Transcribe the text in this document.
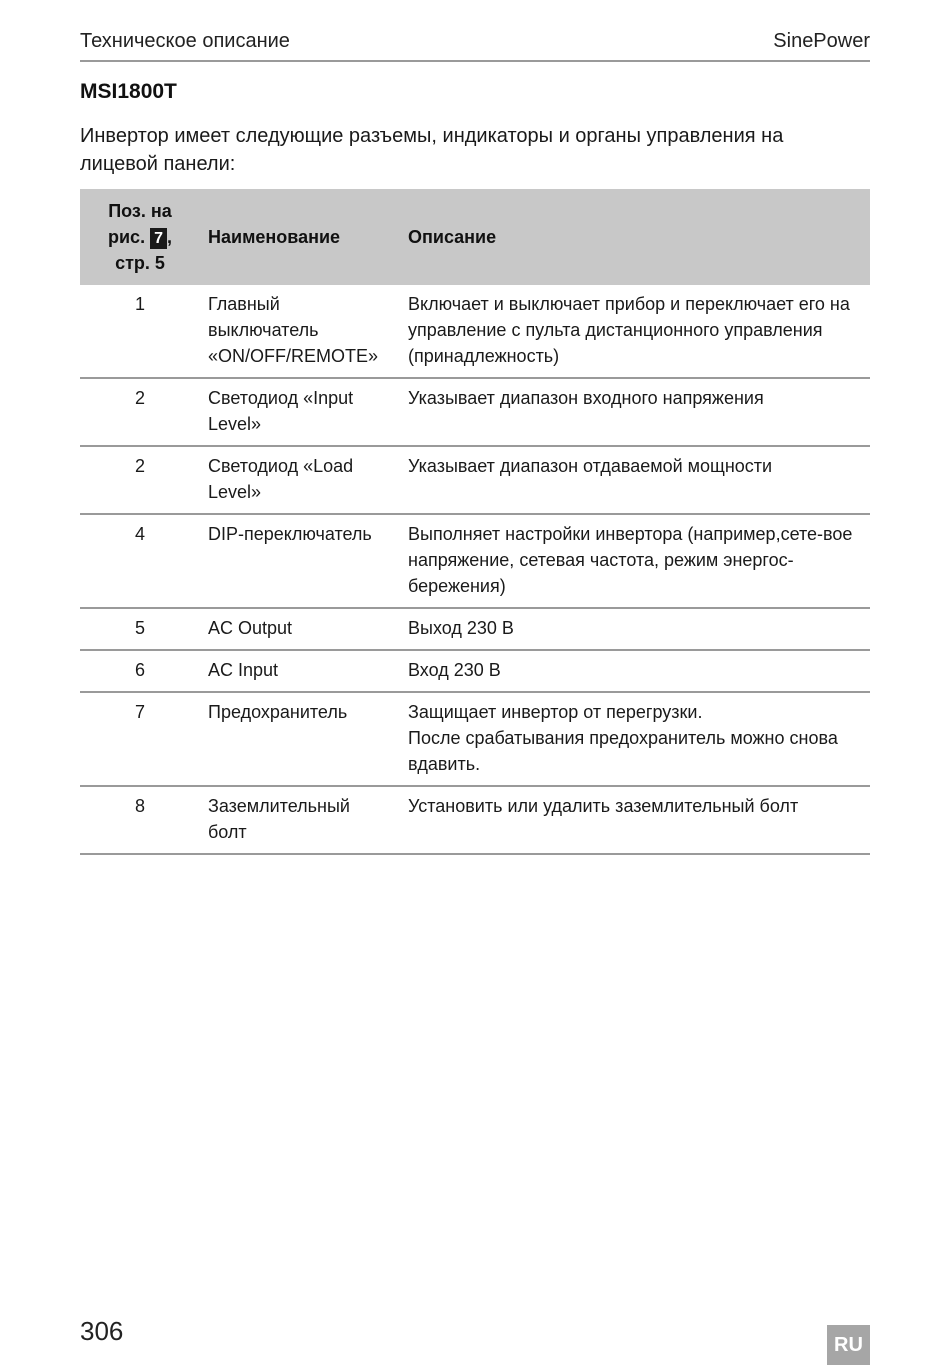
Техническое описание	SinePower
MSI1800T
Инвертор имеет следующие разъемы, индикаторы и органы управления на лицевой панели:
Поз. на
рис. 7 ,
стр. 5	Наименование	Описание
1	Главный выключатель «ON/OFF/REMOTE»	Включает и выключает прибор и переключает его на управление с пульта дистанционного управления (принадлежность)
2	Светодиод «Input Level»	Указывает диапазон входного напряжения
2	Светодиод «Load Level»	Указывает диапазон отдаваемой мощности
4	DIP-переключатель	Выполняет настройки инвертора (например,сете-вое напряжение, сетевая частота, режим энергос-бережения)
5	AC Output	Выход 230 В
6	AC Input	Вход 230 В
7	Предохранитель	Защищает инвертор от перегрузки.
После срабатывания предохранитель можно снова вдавить.
8	Заземлительный болт	Установить или удалить заземлительный болт
306	RU
